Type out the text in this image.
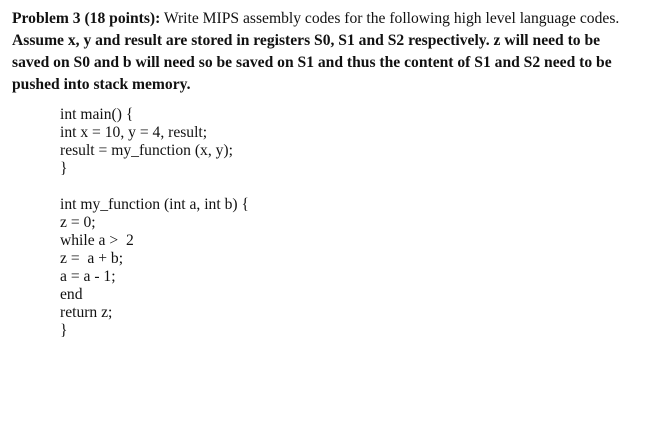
Problem 3 (18 points): Write MIPS assembly codes for the following high level language codes. Assume x, y and result are stored in registers S0, S1 and S2 respectively. z will need to be saved on S0 and b will need so be saved on S1 and thus the content of S1 and S2 need to be pushed into stack memory.
int main() {
int x = 10, y = 4, result;
result = my_function (x, y);
}
int my_function (int a, int b) {
z = 0;
while a >  2
z =  a + b;
a = a - 1;
end
return z;
}
